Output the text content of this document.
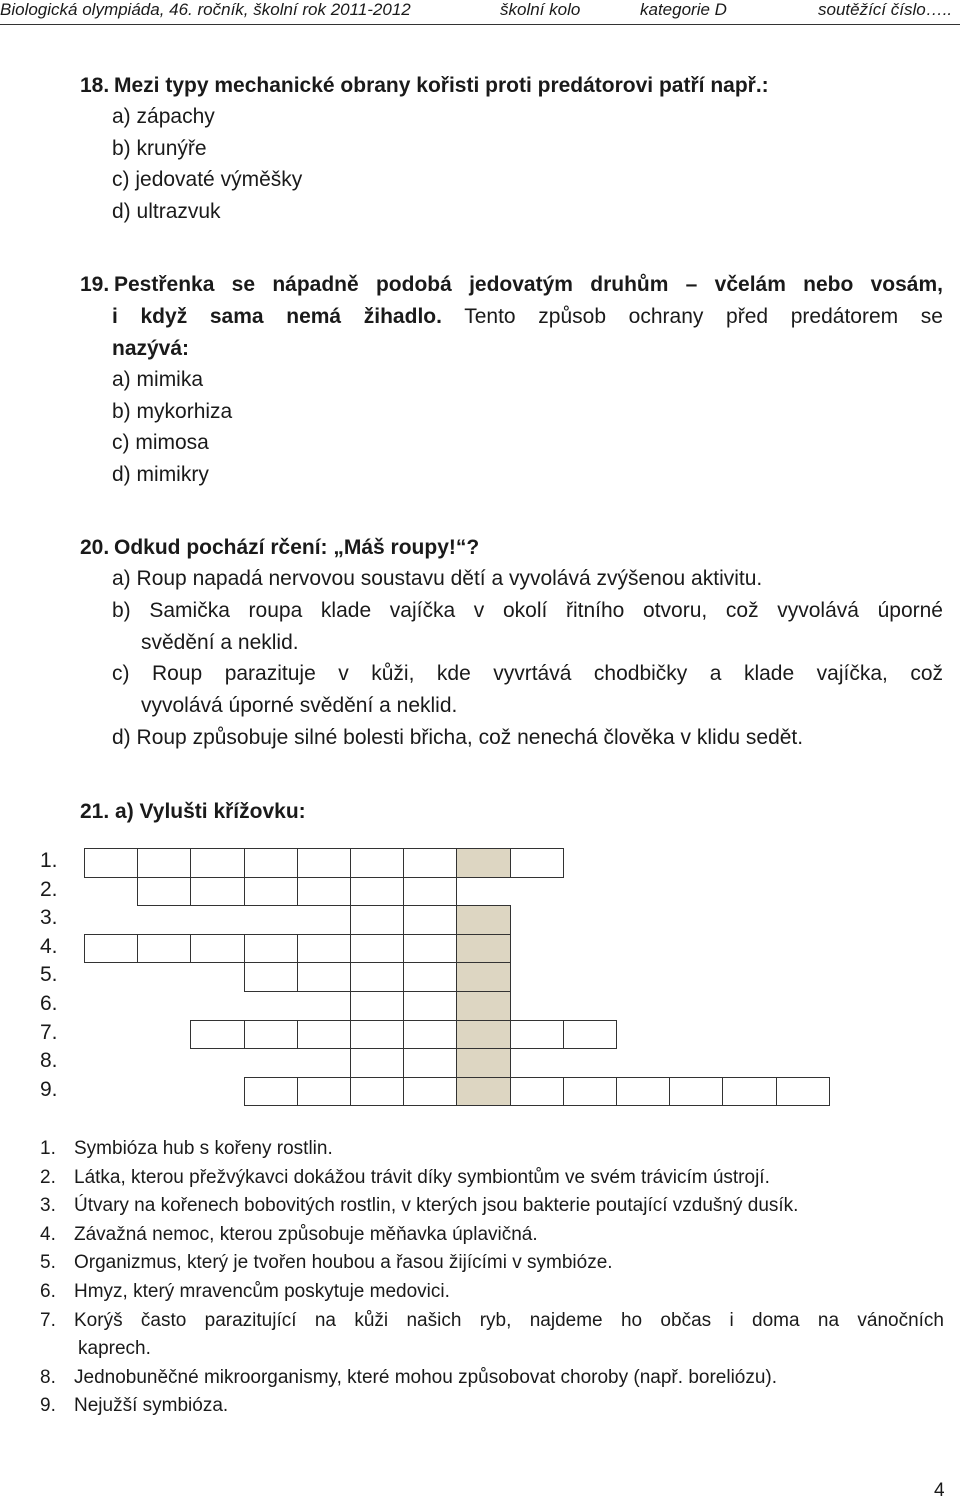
Biologická olympiáda, 46. ročník, školní rok 2011-2012	školní kolo	kategorie D	soutěžící číslo…..
18. Mezi typy mechanické obrany kořisti proti predátorovi patří např.:
a) zápachy
b) krunýře
c) jedovaté výměšky
d) ultrazvuk
19. Pestřenka se nápadně podobá jedovatým druhům – včelám nebo vosám,
i když sama nemá žihadlo. Tento způsob ochrany před predátorem se
nazývá:
a) mimika
b) mykorhiza
c) mimosa
d) mimikry
20. Odkud pochází rčení: „Máš roupy!“?
a) Roup napadá nervovou soustavu dětí a vyvolává zvýšenou aktivitu.
b) Samička roupa klade vajíčka v okolí řitního otvoru, což vyvolává úporné
svědění a neklid.
c) Roup parazituje v kůži, kde vyvrtává chodbičky a klade vajíčka, což
vyvolává úporné svědění a neklid.
d) Roup způsobuje silné bolesti břicha, což nenechá člověka v klidu sedět.
21. a) Vylušti křížovku:
1.
2.
3.
4.
5.
6.
7.
8.
9.
1. Symbióza hub s kořeny rostlin.
2. Látka, kterou přežvýkavci dokážou trávit díky symbiontům ve svém trávicím ústrojí.
3. Útvary na kořenech bobovitých rostlin, v kterých jsou bakterie poutající vzdušný dusík.
4. Závažná nemoc, kterou způsobuje měňavka úplavičná.
5. Organizmus, který je tvořen houbou a řasou žijícími v symbióze.
6. Hmyz, který mravencům poskytuje medovici.
7. Korýš často parazitující na kůži našich ryb, najdeme ho občas i doma na vánočních
kaprech.
8. Jednobuněčné mikroorganismy, které mohou způsobovat choroby (např. boreliózu).
9. Nejužší symbióza.
4
